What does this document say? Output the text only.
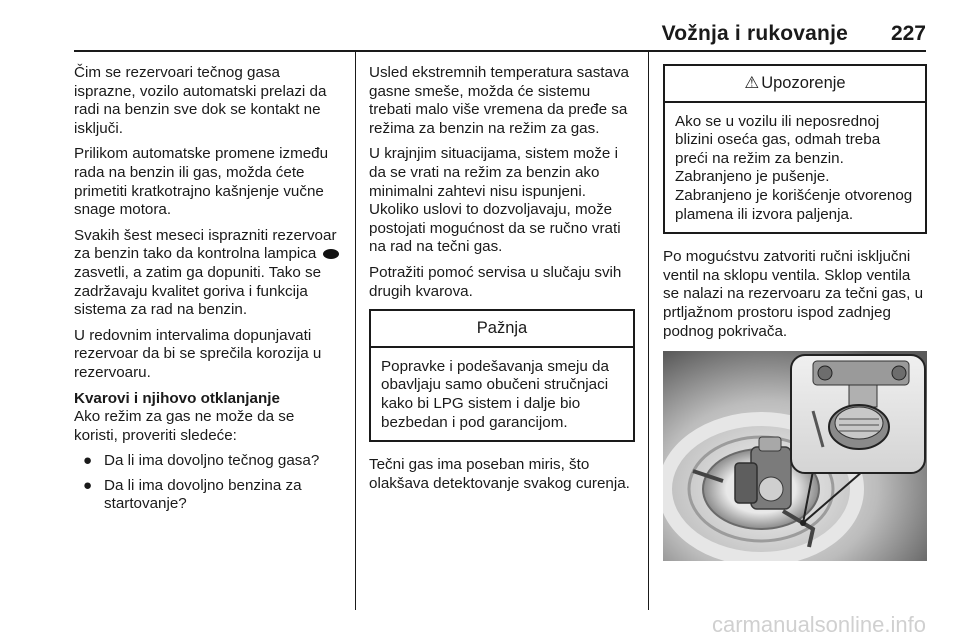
Vožnja i rukovanje	227

Čim se rezervoari tečnog gasa isprazne, vozilo automatski prelazi da radi na benzin sve dok se kontakt ne isključi.

Prilikom automatske promene između rada na benzin ili gas, možda ćete primetiti kratkotrajno kašnjenje vučne snage motora.

Svakih šest meseci isprazniti rezervoar za benzin tako da kontrolna lampica  zasvetli, a zatim ga dopuniti. Tako se zadržavaju kvalitet goriva i funkcija sistema za rad na benzin.

U redovnim intervalima dopunjavati rezervoar da bi se sprečila korozija u rezervoaru.

Kvarovi i njihovo otklanjanje

Ako režim za gas ne može da se koristi, proveriti sledeće:

● Da li ima dovoljno tečnog gasa?
● Da li ima dovoljno benzina za startovanje?

Usled ekstremnih temperatura sastava gasne smeše, možda će sistemu trebati malo više vremena da pređe sa režima za benzin na režim za gas.

U krajnjim situacijama, sistem može i da se vrati na režim za benzin ako minimalni zahtevi nisu ispunjeni. Ukoliko uslovi to dozvoljavaju, može postojati mogućnost da se ručno vrati na rad na tečni gas.

Potražiti pomoć servisa u slučaju svih drugih kvarova.

Pažnja
Popravke i podešavanja smeju da obavljaju samo obučeni stručnjaci kako bi LPG sistem i dalje bio bezbedan i pod garancijom.

Tečni gas ima poseban miris, što olakšava detektovanje svakog curenja.

⚠ Upozorenje
Ako se u vozilu ili neposrednoj blizini oseća gas, odmah treba preći na režim za benzin.
Zabranjeno je pušenje.
Zabranjeno je korišćenje otvorenog plamena ili izvora paljenja.

Po mogućstvu zatvoriti ručni isključni ventil na sklopu ventila. Sklop ventila se nalazi na rezervoaru za tečni gas, u prtljažnom prostoru ispod zadnjeg podnog pokrivača.

carmanualsonline.info
